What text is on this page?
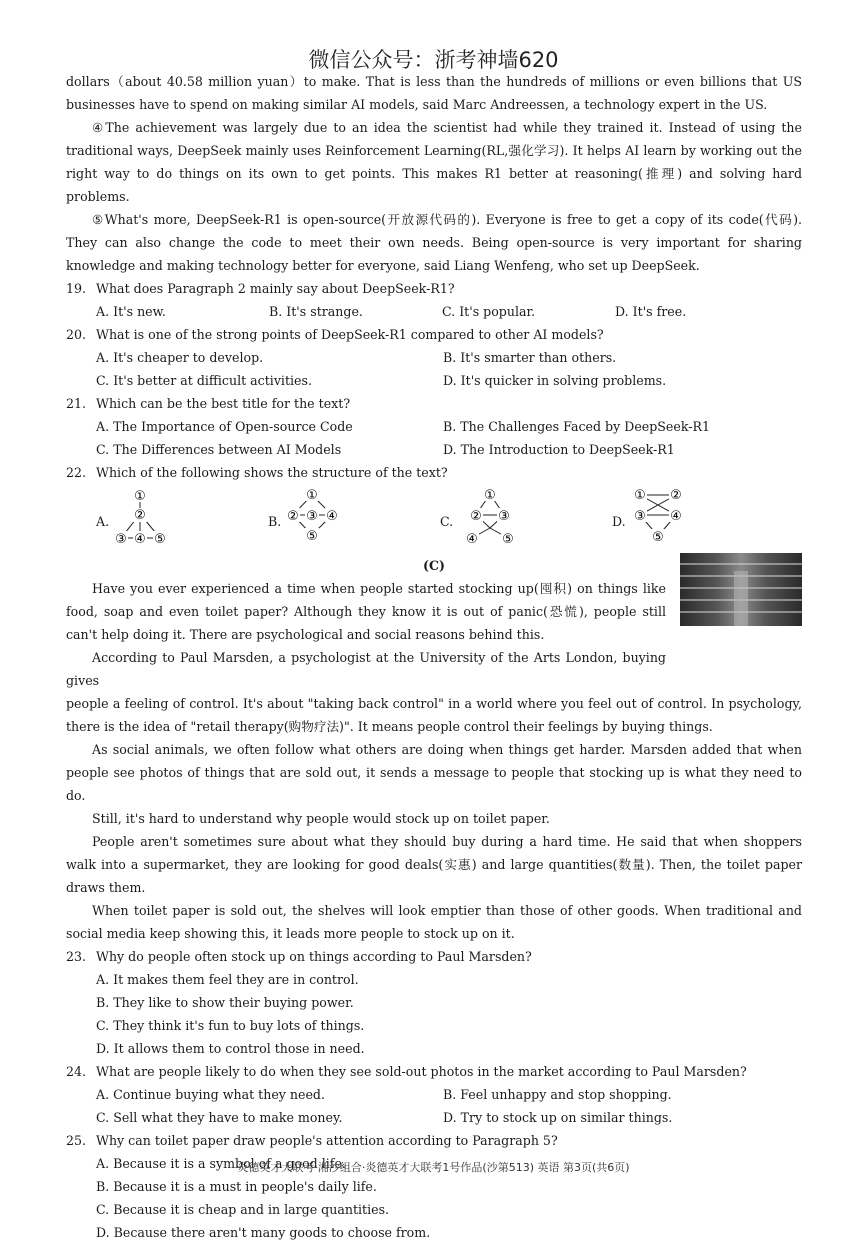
微信公众号：浙考神墙620

dollars（about 40.58 million yuan）to make. That is less than the hundreds of millions or even billions that US businesses have to spend on making similar AI models, said Marc Andreessen, a technology expert in the US.

④The achievement was largely due to an idea the scientist had while they trained it. Instead of using the traditional ways, DeepSeek mainly uses Reinforcement Learning(RL,强化学习). It helps AI learn by working out the right way to do things on its own to get points. This makes R1 better at reasoning(推理) and solving hard problems.

⑤What's more, DeepSeek-R1 is open-source(开放源代码的). Everyone is free to get a copy of its code(代码). They can also change the code to meet their own needs. Being open-source is very important for sharing knowledge and making technology better for everyone, said Liang Wenfeng, who set up DeepSeek.

19. What does Paragraph 2 mainly say about DeepSeek-R1?
A. It's new.	B. It's strange.	C. It's popular.	D. It's free.
20. What is one of the strong points of DeepSeek-R1 compared to other AI models?
A. It's cheaper to develop.	B. It's smarter than others.
C. It's better at difficult activities.	D. It's quicker in solving problems.
21. Which can be the best title for the text?
A. The Importance of Open-source Code	B. The Challenges Faced by DeepSeek-R1
C. The Differences between AI Models	D. The Introduction to DeepSeek-R1
22. Which of the following shows the structure of the text?
A.
①
②
③ ④ ⑤
B.
①
② ③ ④
⑤
C.
①
② ③
④ ⑤
D.
① ②
③ ④
⑤

(C)

Have you ever experienced a time when people started stocking up(囤积) on things like food, soap and even toilet paper? Although they know it is out of panic(恐慌), people still can't help doing it. There are psychological and social reasons behind this.

According to Paul Marsden, a psychologist at the University of the Arts London, buying gives

people a feeling of control. It's about "taking back control" in a world where you feel out of control. In psychology, there is the idea of "retail therapy(购物疗法)". It means people control their feelings by buying things.

As social animals, we often follow what others are doing when things get harder. Marsden added that when people see photos of things that are sold out, it sends a message to people that stocking up is what they need to do.

Still, it's hard to understand why people would stock up on toilet paper.

People aren't sometimes sure about what they should buy during a hard time. He said that when shoppers walk into a supermarket, they are looking for good deals(实惠) and large quantities(数量). Then, the toilet paper draws them.

When toilet paper is sold out, the shelves will look emptier than those of other goods. When traditional and social media keep showing this, it leads more people to stock up on it.

23. Why do people often stock up on things according to Paul Marsden?
A. It makes them feel they are in control.
B. They like to show their buying power.
C. They think it's fun to buy lots of things.
D. It allows them to control those in need.
24. What are people likely to do when they see sold-out photos in the market according to Paul Marsden?
A. Continue buying what they need.	B. Feel unhappy and stop shopping.
C. Sell what they have to make money.	D. Try to stock up on similar things.
25. Why can toilet paper draw people's attention according to Paragraph 5?
A. Because it is a symbol of a good life.
B. Because it is a must in people's daily life.
C. Because it is cheap and in large quantities.
D. Because there aren't many goods to choose from.
炎德英才大联考·湘沙组合·炎德英才大联考1号作品(沙第513) 英语 第3页(共6页)
